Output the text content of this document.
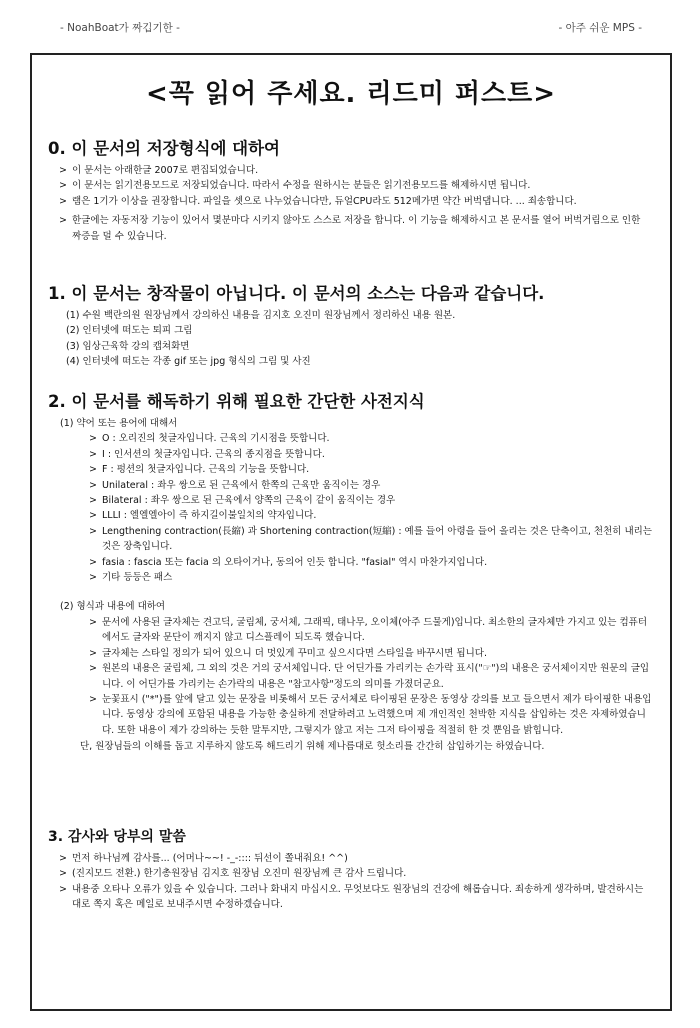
- NoahBoat가 짜깁기한 -	- 아주 쉬운 MPS -
<꼭 읽어 주세요. 리드미 퍼스트>
0. 이 문서의 저장형식에 대하여
> 이 문서는 아래한글 2007로 편집되었습니다.
> 이 문서는 읽기전용모드로 저장되었습니다. 따라서 수정을 원하시는 분들은 읽기전용모드를 해제하시면 됩니다.
> 램은 1기가 이상을 권장합니다. 파일을 셋으로 나누었습니다만, 듀얼CPU라도 512메가면 약간 버벅댑니다. ... 죄송합니다.
> 한글에는 자동저장 기능이 있어서 몇분마다 시키지 않아도 스스로 저장을 합니다. 이 기능을 해제하시고 본 문서를 열어 버벅거림으로 인한 짜증을 덜 수 있습니다.
1. 이 문서는 창작물이 아닙니다. 이 문서의 소스는 다음과 같습니다.
(1) 수원 백란의원 원장님께서 강의하신 내용을 김지호 오진미 원장님께서 정리하신 내용 원본.
(2) 인터넷에 떠도는 퇴피 그림
(3) 임상근육학 강의 캡쳐화면
(4) 인터넷에 떠도는 각종 gif 또는 jpg 형식의 그림 및 사진
2. 이 문서를 해독하기 위해 필요한 간단한 사전지식
(1) 약어 또는 용어에 대해서
> O : 오리진의 첫글자입니다. 근육의 기시점을 뜻합니다.
> I : 인서션의 첫글자입니다. 근육의 종지점을 뜻합니다.
> F : 펑션의 첫글자입니다. 근육의 기능을 뜻합니다.
> Unilateral : 좌우 쌍으로 된 근육에서 한쪽의 근육만 움직이는 경우
> Bilateral : 좌우 쌍으로 된 근육에서 양쪽의 근육이 같이 움직이는 경우
> LLLI : 엘엘엘아이 즉 하지길이불일치의 약자입니다.
> Lengthening contraction(長縮) 과 Shortening contraction(短縮) : 예를 들어 아령을 들어 올리는 것은 단축이고, 천천히 내리는 것은 장축입니다.
> fasia : fascia 또는 facia 의 오타이거나, 동의어 인듯 합니다. "fasial" 역시 마찬가지입니다.
> 기타 등등은 패스
(2) 형식과 내용에 대하여
> 문서에 사용된 글자체는 견고딕, 굴림체, 궁서체, 그래픽, 태나무, 오이체(아주 드물게)입니다. 최소한의 글자체만 가지고 있는 컴퓨터에서도 글자와 문단이 깨지지 않고 디스플레이 되도록 했습니다.
> 글자체는 스타일 정의가 되어 있으니 더 멋있게 꾸미고 싶으시다면 스타일을 바꾸시면 됩니다.
> 원본의 내용은 굴림체, 그 외의 것은 거의 궁서체입니다. 단 어딘가를 가리키는 손가락 표시("☞")의 내용은 궁서체이지만 원문의 글입니다. 이 어딘가를 가리키는 손가락의 내용은 "참고사항"정도의 의미를 가졌더군요.
> 눈꽃표시 ("*")를 앞에 달고 있는 문장을 비롯해서 모든 궁서체로 타이핑된 문장은 동영상 강의를 보고 들으면서 제가 타이핑한 내용입니다. 동영상 강의에 포함된 내용을 가능한 충실하게 전달하려고 노력했으며 제 개인적인 천박한 지식을 삽입하는 것은 자제하였습니다. 또한 내용이 제가 강의하는 듯한 말투지만, 그렇지가 않고 저는 그저 타이핑을 적절히 한 것 뿐임을 밝힙니다.
단, 원장님들의 이해를 돕고 지루하지 않도록 해드리기 위해 제나름대로 헛소리를 간간히 삽입하기는 하였습니다.
3. 감사와 당부의 말씀
> 먼저 하나님께 감사를... (어머나~~! -_-:::: 뒤선이 쫄내줘요! ^^)
> (진지모드 전환.) 한기총원장님 김지호 원장님 오진미 원장님께 큰 감사 드립니다.
> 내용중 오타나 오류가 있을 수 있습니다. 그러나 화내지 마십시오. 무엇보다도 원장님의 건강에 해롭습니다. 죄송하게 생각하며, 발견하시는 대로 쪽지 혹은 메일로 보내주시면 수정하겠습니다.
